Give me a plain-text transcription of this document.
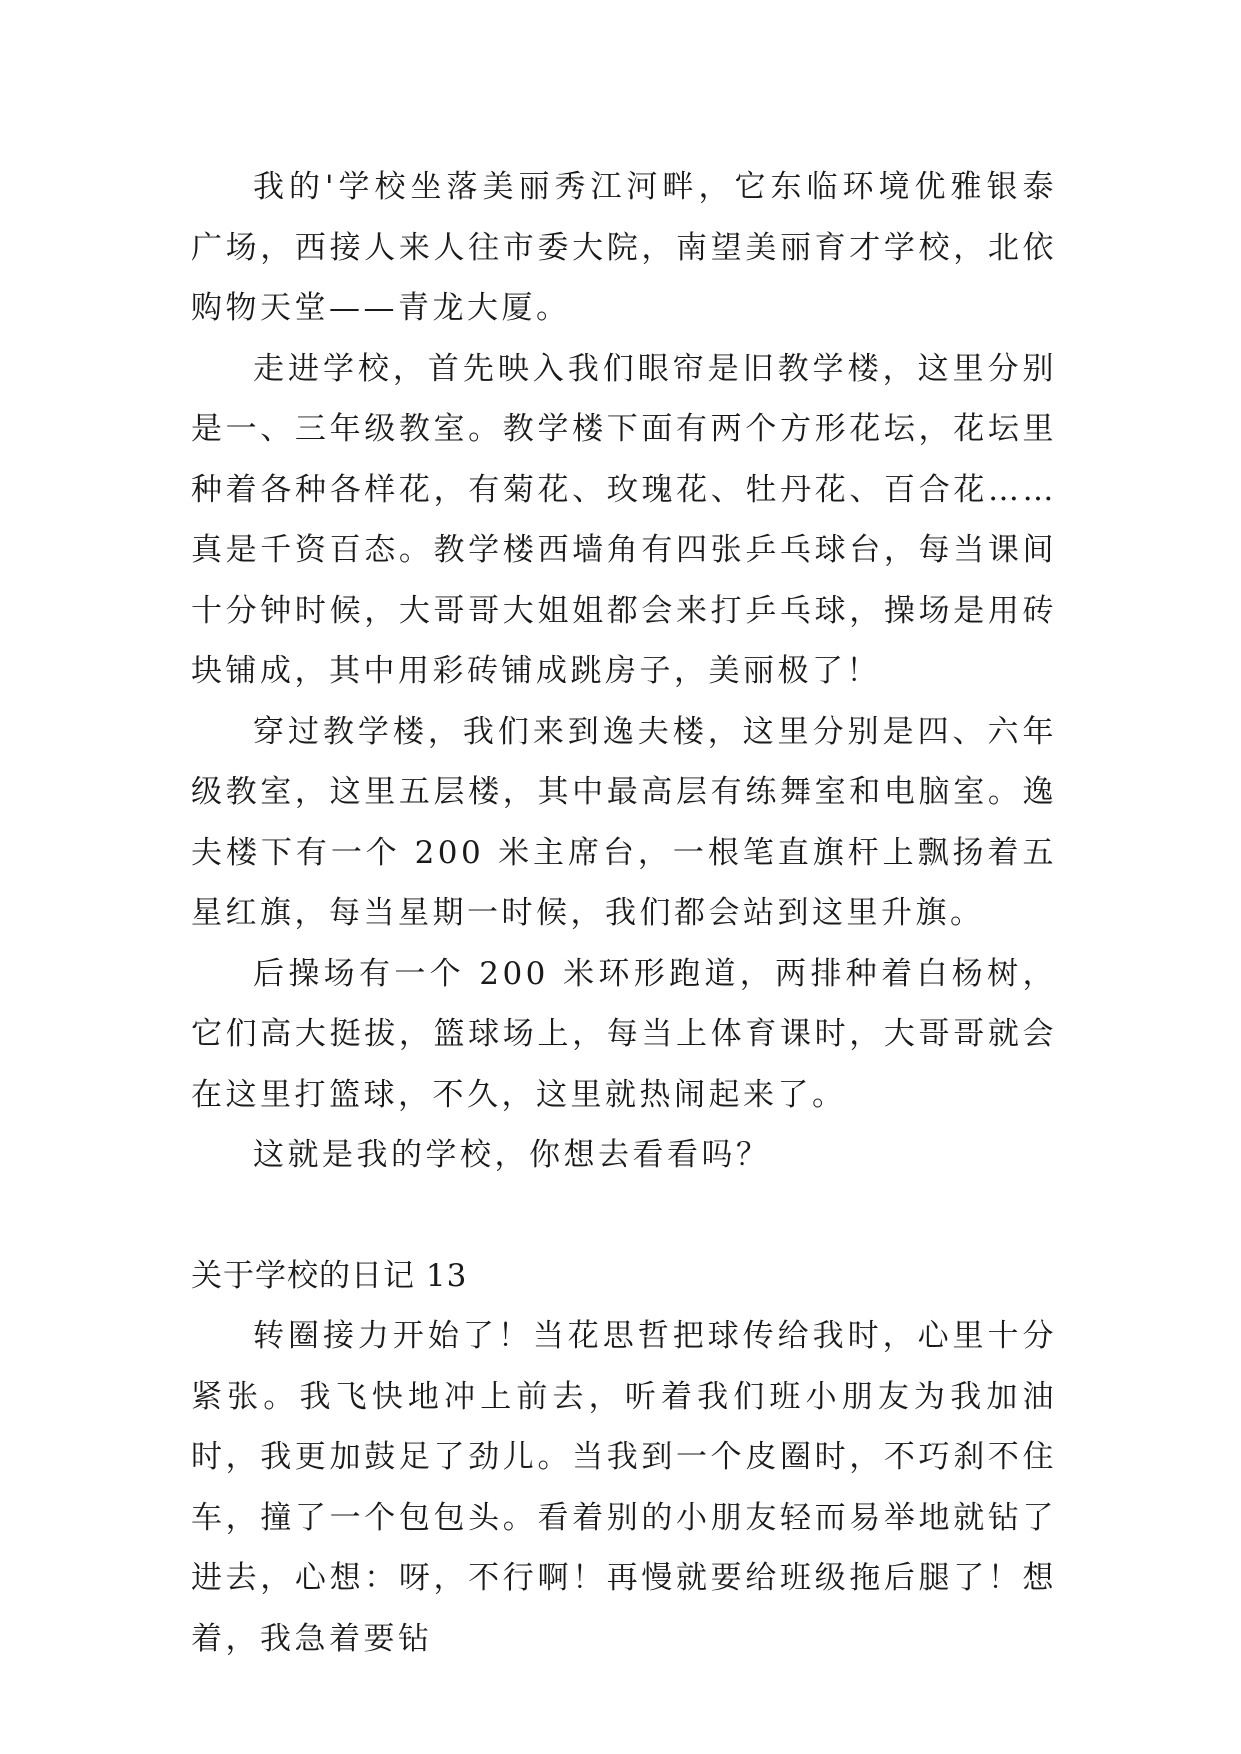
我的'学校坐落美丽秀江河畔，它东临环境优雅银泰广场，西接人来人往市委大院，南望美丽育才学校，北依购物天堂——青龙大厦。

走进学校，首先映入我们眼帘是旧教学楼，这里分别是一、三年级教室。教学楼下面有两个方形花坛，花坛里种着各种各样花，有菊花、玫瑰花、牡丹花、百合花……真是千资百态。教学楼西墙角有四张乒乓球台，每当课间十分钟时候，大哥哥大姐姐都会来打乒乓球，操场是用砖块铺成，其中用彩砖铺成跳房子，美丽极了！

穿过教学楼，我们来到逸夫楼，这里分别是四、六年级教室，这里五层楼，其中最高层有练舞室和电脑室。逸夫楼下有一个 200 米主席台，一根笔直旗杆上飘扬着五星红旗，每当星期一时候，我们都会站到这里升旗。

后操场有一个 200 米环形跑道，两排种着白杨树，它们高大挺拔，篮球场上，每当上体育课时，大哥哥就会在这里打篮球，不久，这里就热闹起来了。

这就是我的学校，你想去看看吗？

关于学校的日记 13

转圈接力开始了！当花思哲把球传给我时，心里十分紧张。我飞快地冲上前去，听着我们班小朋友为我加油时，我更加鼓足了劲儿。当我到一个皮圈时，不巧刹不住车，撞了一个包包头。看着别的小朋友轻而易举地就钻了进去，心想：呀，不行啊！再慢就要给班级拖后腿了！想着，我急着要钻
